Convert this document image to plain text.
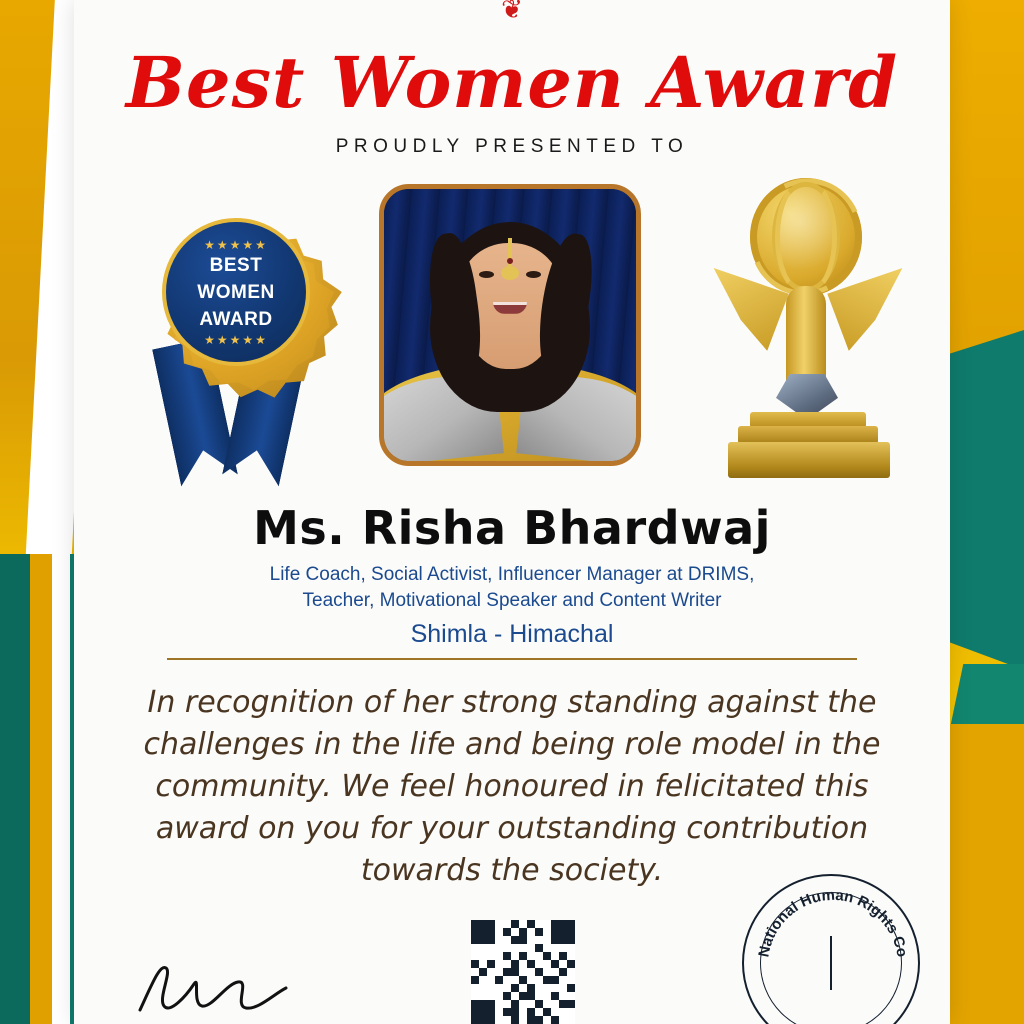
❦
Best Women Award
PROUDLY PRESENTED TO
★★★★★
BEST
WOMEN
AWARD
★★★★★
Ms. Risha Bhardwaj
Life Coach, Social Activist, Influencer Manager at DRIMS,
Teacher, Motivational Speaker and Content Writer
Shimla - Himachal
In recognition of her strong standing against the challenges in the life and being role model in the community. We feel honoured in felicitated this award on you for your outstanding contribution towards the society.
National Human Rights Co
